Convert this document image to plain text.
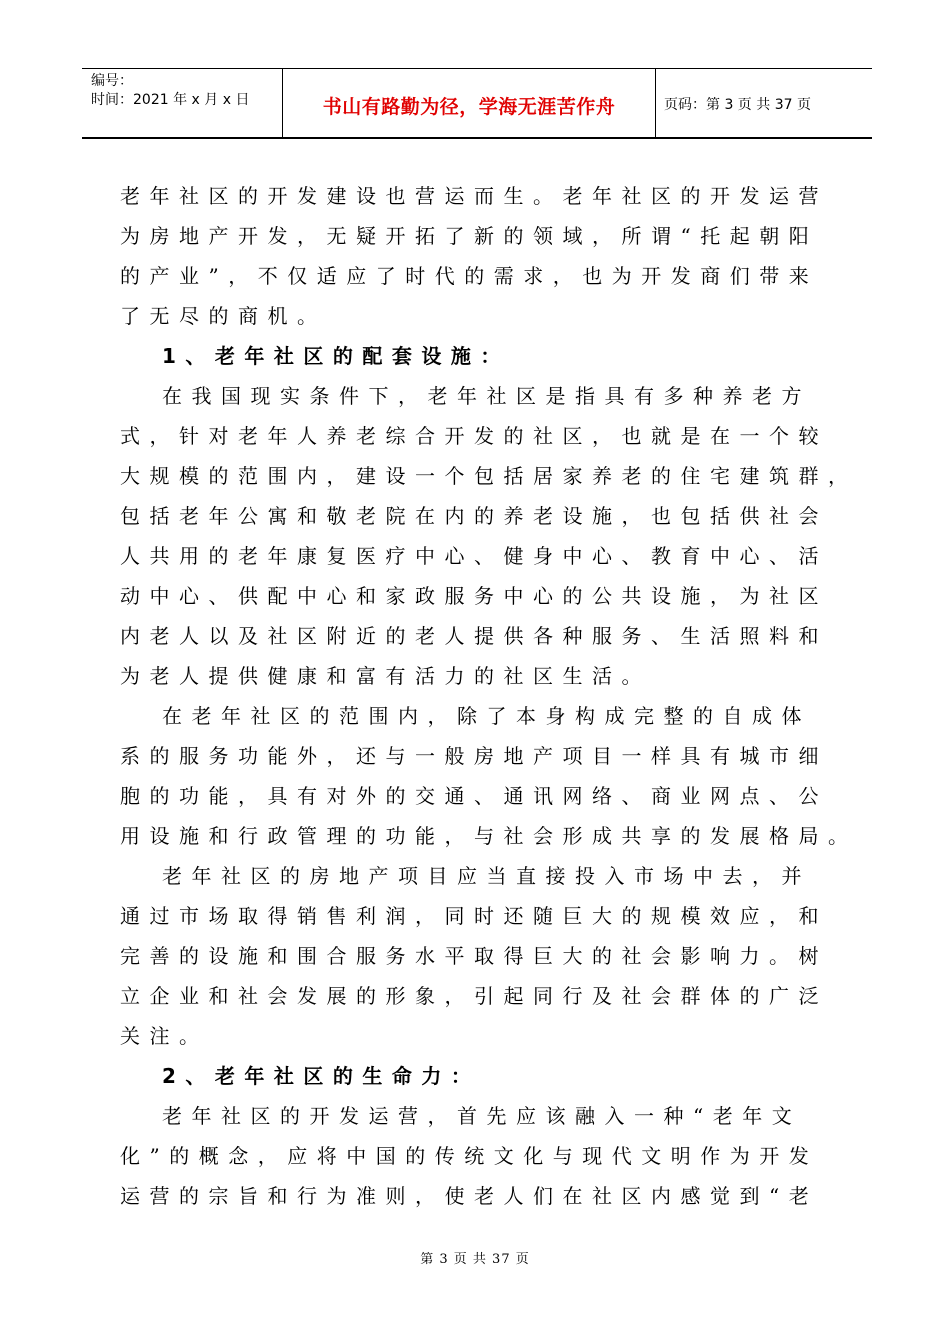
编号：
时间：2021 年 x 月 x 日	书山有路勤为径，学海无涯苦作舟	页码：第 3 页 共 37 页
老年社区的开发建设也营运而生。老年社区的开发运营
为房地产开发，无疑开拓了新的领域，所谓“托起朝阳
的产业”，不仅适应了时代的需求，也为开发商们带来
了无尽的商机。
1、老年社区的配套设施：
在我国现实条件下，老年社区是指具有多种养老方
式，针对老年人养老综合开发的社区，也就是在一个较
大规模的范围内，建设一个包括居家养老的住宅建筑群，
包括老年公寓和敬老院在内的养老设施，也包括供社会
人共用的老年康复医疗中心、健身中心、教育中心、活
动中心、供配中心和家政服务中心的公共设施，为社区
内老人以及社区附近的老人提供各种服务、生活照料和
为老人提供健康和富有活力的社区生活。
在老年社区的范围内，除了本身构成完整的自成体
系的服务功能外，还与一般房地产项目一样具有城市细
胞的功能，具有对外的交通、通讯网络、商业网点、公
用设施和行政管理的功能，与社会形成共享的发展格局。
老年社区的房地产项目应当直接投入市场中去，并
通过市场取得销售利润，同时还随巨大的规模效应，和
完善的设施和围合服务水平取得巨大的社会影响力。树
立企业和社会发展的形象，引起同行及社会群体的广泛
关注。
2、老年社区的生命力：
老年社区的开发运营，首先应该融入一种“老年文
化”的概念，应将中国的传统文化与现代文明作为开发
运营的宗旨和行为准则，使老人们在社区内感觉到“老
第 3 页 共 37 页
